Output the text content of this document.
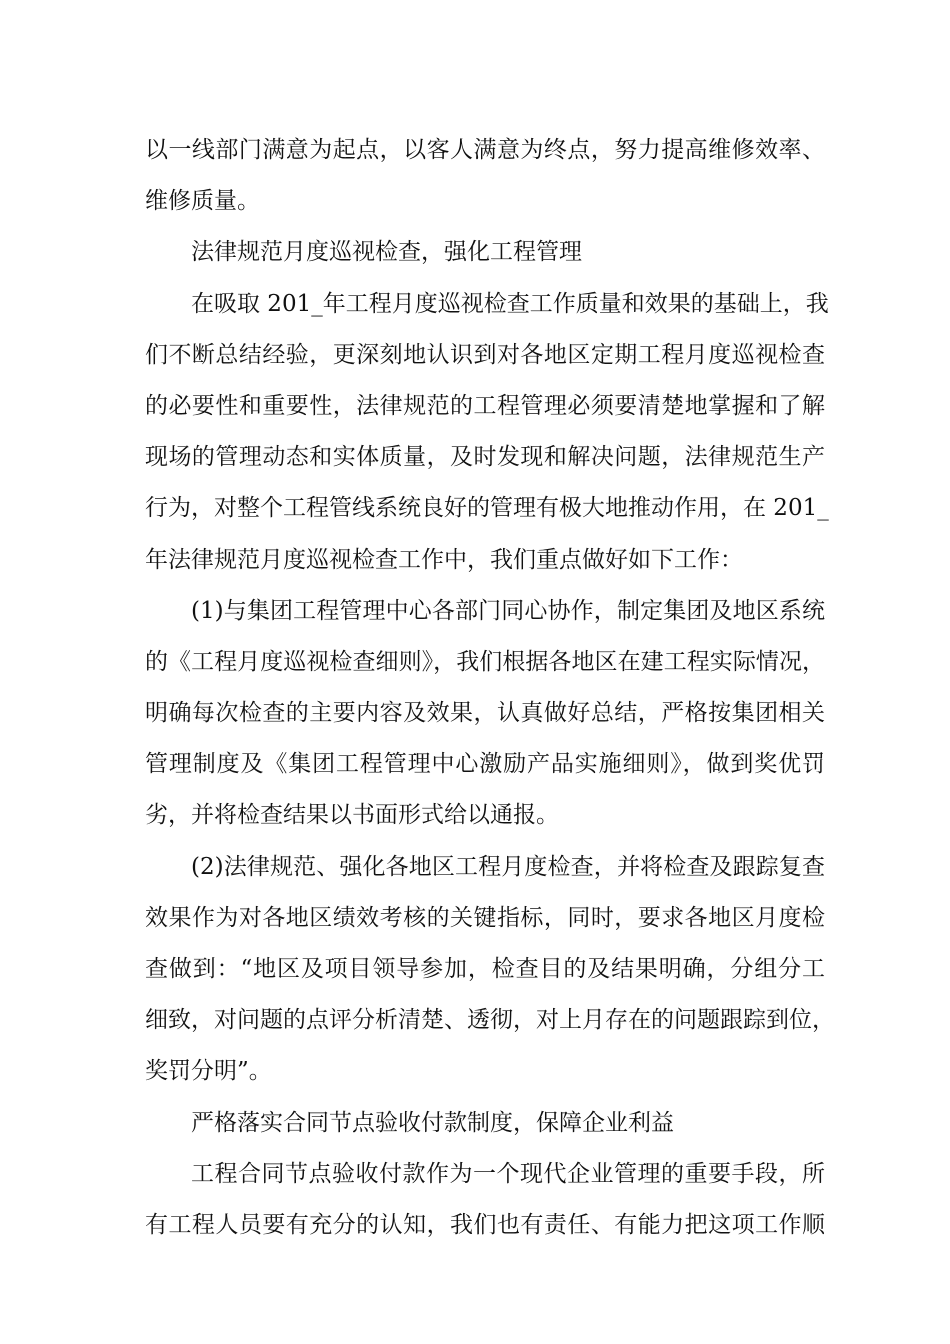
以一线部门满意为起点，以客人满意为终点，努力提高维修效率、
维修质量。
法律规范月度巡视检查，强化工程管理
在吸取 201_年工程月度巡视检查工作质量和效果的基础上，我
们不断总结经验，更深刻地认识到对各地区定期工程月度巡视检查
的必要性和重要性，法律规范的工程管理必须要清楚地掌握和了解
现场的管理动态和实体质量，及时发现和解决问题，法律规范生产
行为，对整个工程管线系统良好的管理有极大地推动作用，在 201_
年法律规范月度巡视检查工作中，我们重点做好如下工作：
(1)与集团工程管理中心各部门同心协作，制定集团及地区系统
的《工程月度巡视检查细则》，我们根据各地区在建工程实际情况，
明确每次检查的主要内容及效果，认真做好总结，严格按集团相关
管理制度及《集团工程管理中心激励产品实施细则》，做到奖优罚
劣，并将检查结果以书面形式给以通报。
(2)法律规范、强化各地区工程月度检查，并将检查及跟踪复查
效果作为对各地区绩效考核的关键指标，同时，要求各地区月度检
查做到：“地区及项目领导参加，检查目的及结果明确，分组分工
细致，对问题的点评分析清楚、透彻，对上月存在的问题跟踪到位，
奖罚分明”。
严格落实合同节点验收付款制度，保障企业利益
工程合同节点验收付款作为一个现代企业管理的重要手段，所
有工程人员要有充分的认知，我们也有责任、有能力把这项工作顺
